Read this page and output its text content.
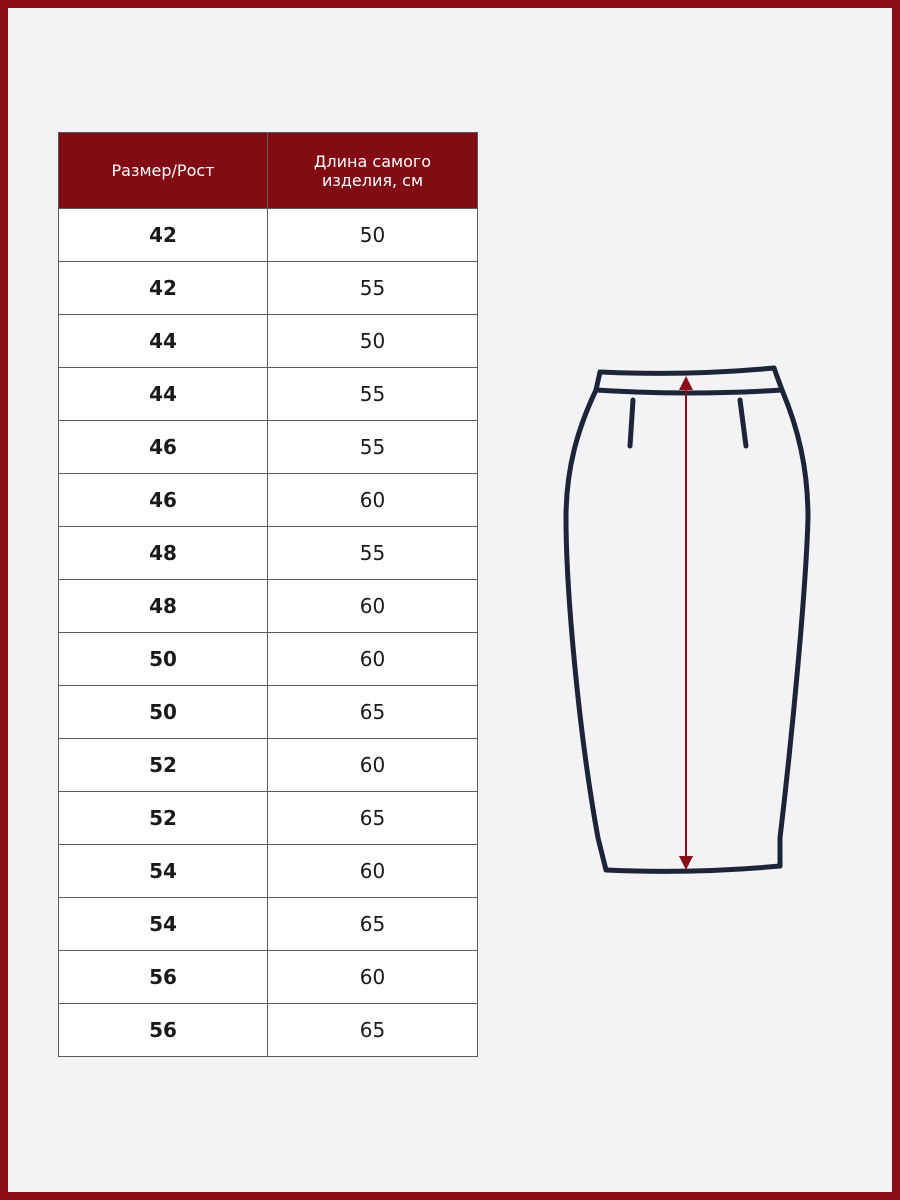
Размер/Рост	Длина самого изделия, см
42	50
42	55
44	50
44	55
46	55
46	60
48	55
48	60
50	60
50	65
52	60
52	65
54	60
54	65
56	60
56	65
